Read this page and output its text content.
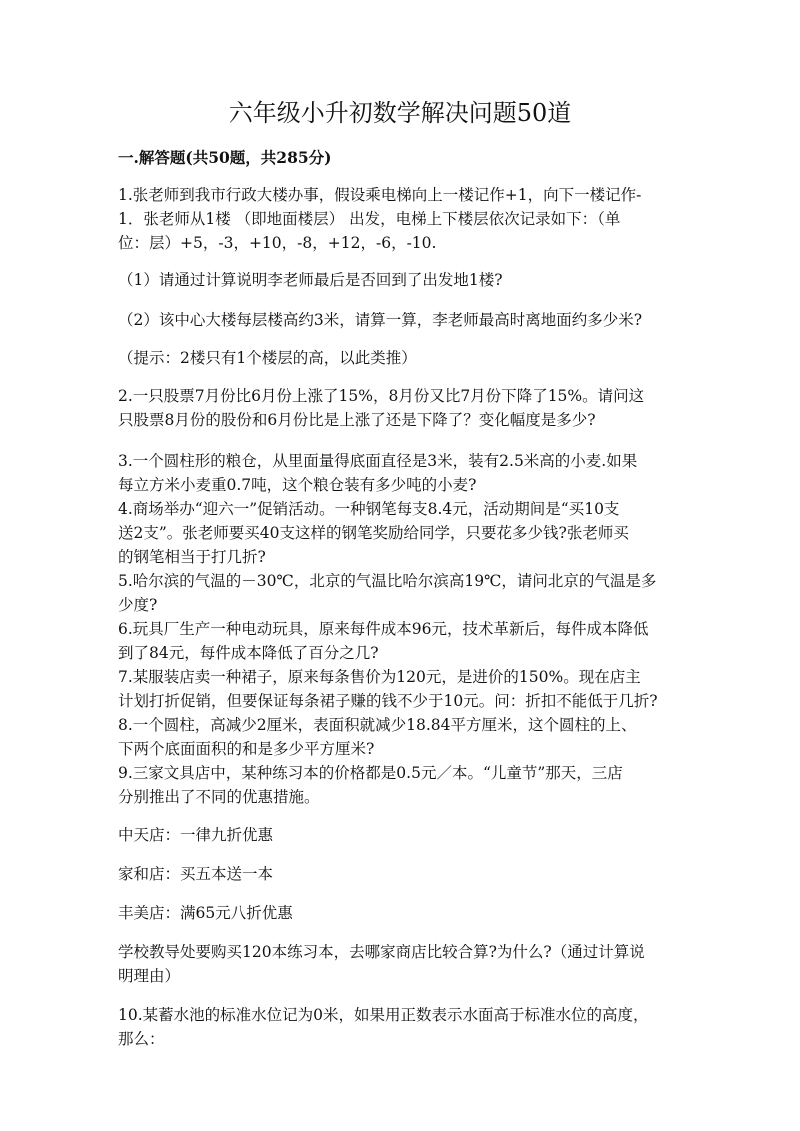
六年级小升初数学解决问题50道

一.解答题(共50题，共285分)

1.张老师到我市行政大楼办事，假设乘电梯向上一楼记作+1，向下一楼记作-

1．张老师从1楼 （即地面楼层） 出发，电梯上下楼层依次记录如下：（单

位：层）+5，-3，+10，-8，+12，-6，-10.

（1）请通过计算说明李老师最后是否回到了出发地1楼?

（2）该中心大楼每层楼高约3米，请算一算，李老师最高时离地面约多少米?

（提示：2楼只有1个楼层的高，以此类推）

2.一只股票7月份比6月份上涨了15%，8月份又比7月份下降了15%。请问这

只股票8月份的股份和6月份比是上涨了还是下降了？变化幅度是多少?

3.一个圆柱形的粮仓，从里面量得底面直径是3米，装有2.5米高的小麦.如果

每立方米小麦重0.7吨，这个粮仓装有多少吨的小麦?

4.商场举办“迎六一”促销活动。一种钢笔每支8.4元，活动期间是“买10支

送2支”。张老师要买40支这样的钢笔奖励给同学，只要花多少钱?张老师买

的钢笔相当于打几折?

5.哈尔滨的气温的－30℃，北京的气温比哈尔滨高19℃，请问北京的气温是多

少度?

6.玩具厂生产一种电动玩具，原来每件成本96元，技术革新后，每件成本降低

到了84元，每件成本降低了百分之几?

7.某服装店卖一种裙子，原来每条售价为120元，是进价的150%。现在店主

计划打折促销，但要保证每条裙子赚的钱不少于10元。问：折扣不能低于几折?

8.一个圆柱，高减少2厘米，表面积就减少18.84平方厘米，这个圆柱的上、

下两个底面面积的和是多少平方厘米?

9.三家文具店中，某种练习本的价格都是0.5元／本。“儿童节”那天，三店

分别推出了不同的优惠措施。

中天店：一律九折优惠

家和店：买五本送一本

丰美店：满65元八折优惠

学校教导处要购买120本练习本，去哪家商店比较合算?为什么?（通过计算说

明理由）

10.某蓄水池的标准水位记为0米，如果用正数表示水面高于标准水位的高度，

那么：
